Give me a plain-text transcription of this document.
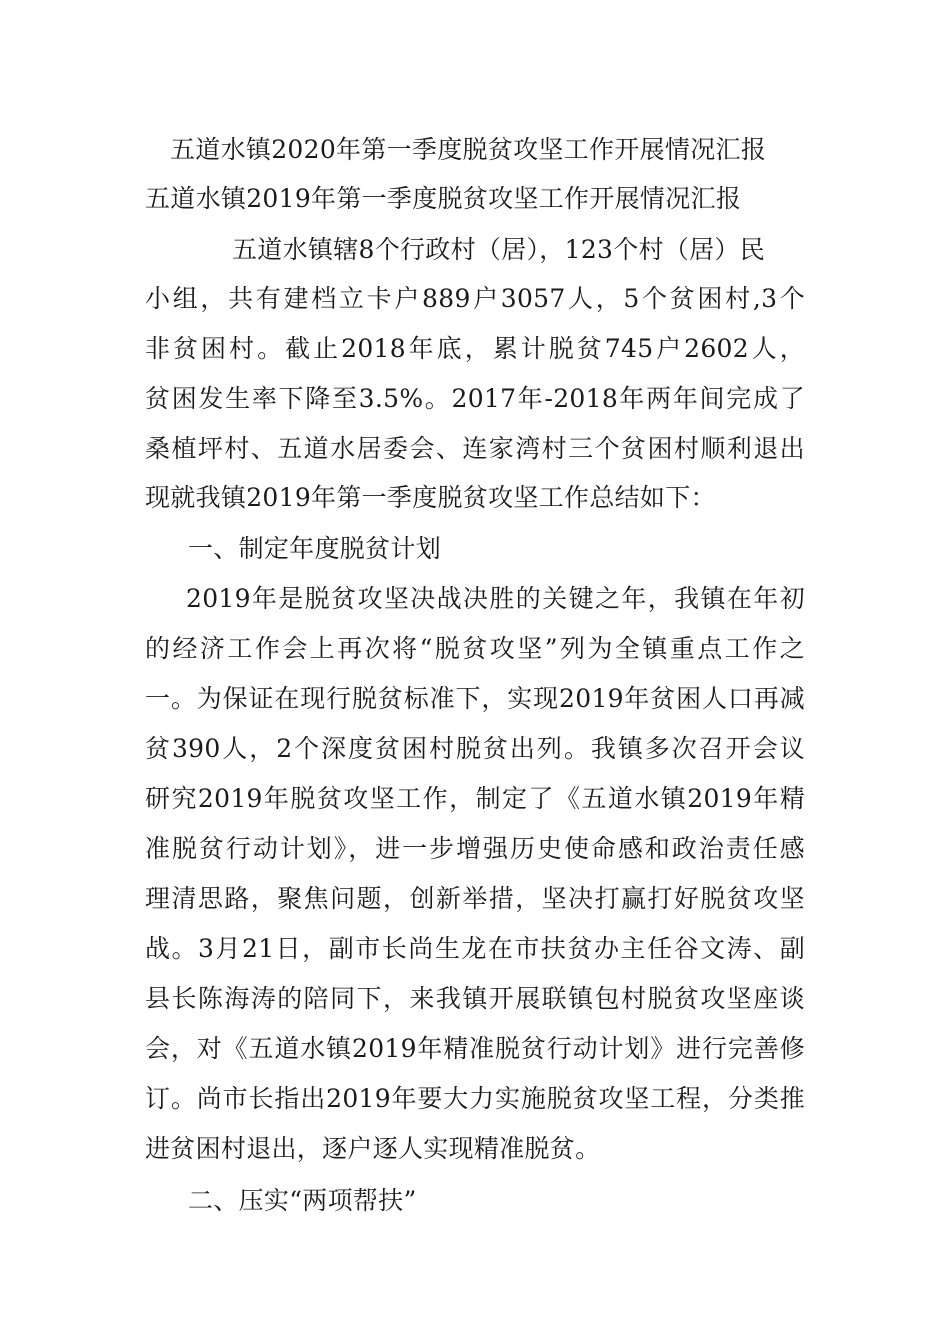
五道水镇2020年第一季度脱贫攻坚工作开展情况汇报
五道水镇2019年第一季度脱贫攻坚工作开展情况汇报
五道水镇辖8个行政村（居），123个村（居）民
小组，共有建档立卡户889户3057人，5个贫困村,3个
非贫困村。截止2018年底，累计脱贫745户2602人，
贫困发生率下降至3.5%。2017年-2018年两年间完成了
桑植坪村、五道水居委会、连家湾村三个贫困村顺利退出
现就我镇2019年第一季度脱贫攻坚工作总结如下：
一、制定年度脱贫计划
2019年是脱贫攻坚决战决胜的关键之年，我镇在年初
的经济工作会上再次将“脱贫攻坚”列为全镇重点工作之
一。为保证在现行脱贫标准下，实现2019年贫困人口再减
贫390人，2个深度贫困村脱贫出列。我镇多次召开会议
研究2019年脱贫攻坚工作，制定了《五道水镇2019年精
准脱贫行动计划》，进一步增强历史使命感和政治责任感
理清思路，聚焦问题，创新举措，坚决打赢打好脱贫攻坚
战。3月21日，副市长尚生龙在市扶贫办主任谷文涛、副
县长陈海涛的陪同下，来我镇开展联镇包村脱贫攻坚座谈
会，对《五道水镇2019年精准脱贫行动计划》进行完善修
订。尚市长指出2019年要大力实施脱贫攻坚工程，分类推
进贫困村退出，逐户逐人实现精准脱贫。
二、压实“两项帮扶”
